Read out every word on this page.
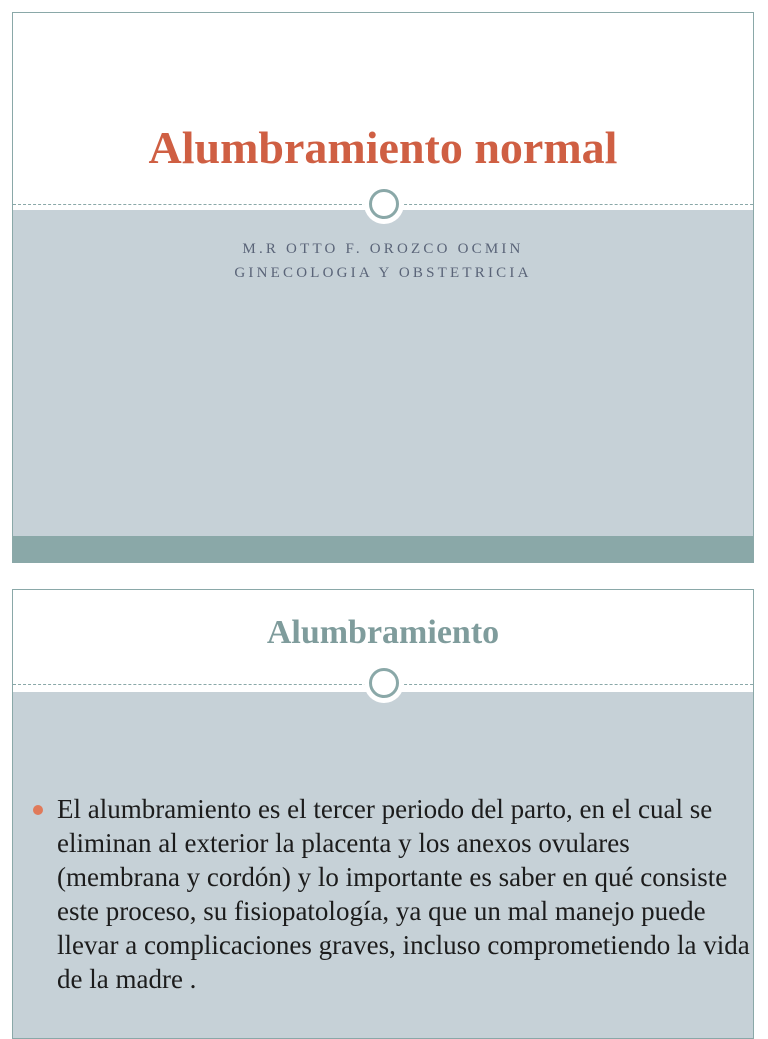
Alumbramiento normal
M.R OTTO F. OROZCO OCMIN
GINECOLOGIA Y OBSTETRICIA
Alumbramiento
El alumbramiento es el tercer periodo del parto, en el cual se eliminan al exterior la placenta y los anexos ovulares (membrana y cordón) y lo importante es saber en qué consiste este proceso, su fisiopatología, ya que un mal manejo puede llevar a complicaciones graves, incluso comprometiendo la vida de la madre .
